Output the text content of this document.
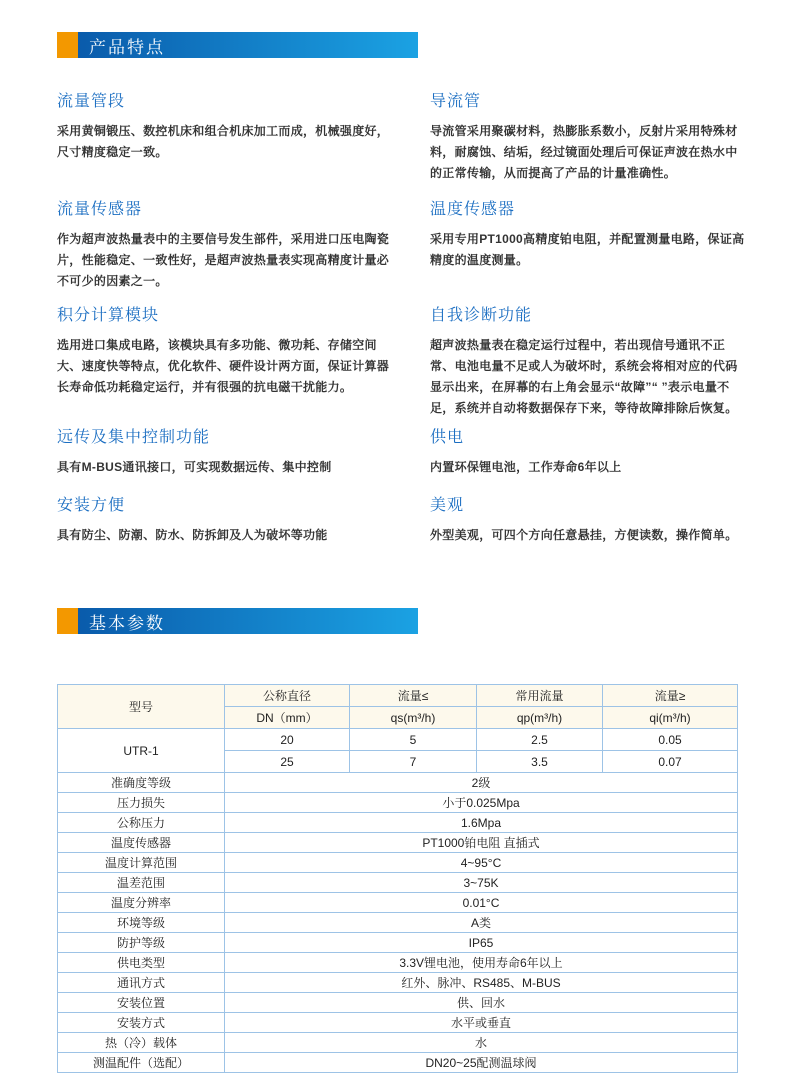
产品特点
流量管段

采用黄铜锻压、数控机床和组合机床加工而成，机械强度好，尺寸精度稳定一致。

导流管

导流管采用聚碳材料，热膨胀系数小，反射片采用特殊材料，耐腐蚀、结垢，经过镜面处理后可保证声波在热水中的正常传输，从而提高了产品的计量准确性。

流量传感器

作为超声波热量表中的主要信号发生部件，采用进口压电陶瓷片，性能稳定、一致性好，是超声波热量表实现高精度计量必不可少的因素之一。

温度传感器

采用专用PT1000高精度铂电阻，并配置测量电路，保证高精度的温度测量。

积分计算模块

选用进口集成电路，该模块具有多功能、微功耗、存储空间大、速度快等特点，优化软件、硬件设计两方面，保证计算器长寿命低功耗稳定运行，并有很强的抗电磁干扰能力。

自我诊断功能

超声波热量表在稳定运行过程中，若出现信号通讯不正常、电池电量不足或人为破坏时，系统会将相对应的代码显示出来，在屏幕的右上角会显示“故障”“ ”表示电量不足，系统并自动将数据保存下来，等待故障排除后恢复。

远传及集中控制功能

具有M-BUS通讯接口，可实现数据远传、集中控制

供电

内置环保锂电池，工作寿命6年以上

安装方便

具有防尘、防潮、防水、防拆卸及人为破坏等功能

美观

外型美观，可四个方向任意悬挂，方便读数，操作简单。

基本参数
型号	公称直径	流量≤	常用流量	流量≥
	DN（mm）	qs(m³/h)	qp(m³/h)	qi(m³/h)
UTR-1	20	5	2.5	0.05
	25	7	3.5	0.07
准确度等级	2级			
压力损失	小于0.025Mpa			
公称压力	1.6Mpa			
温度传感器	PT1000铂电阻 直插式			
温度计算范围	4~95°C			
温差范围	3~75K			
温度分辨率	0.01°C			
环境等级	A类			
防护等级	IP65			
供电类型	3.3V锂电池，使用寿命6年以上			
通讯方式	红外、脉冲、RS485、M-BUS			
安装位置	供、回水			
安装方式	水平或垂直			
热（冷）载体	水			
测温配件（选配）	DN20~25配测温球阀			
